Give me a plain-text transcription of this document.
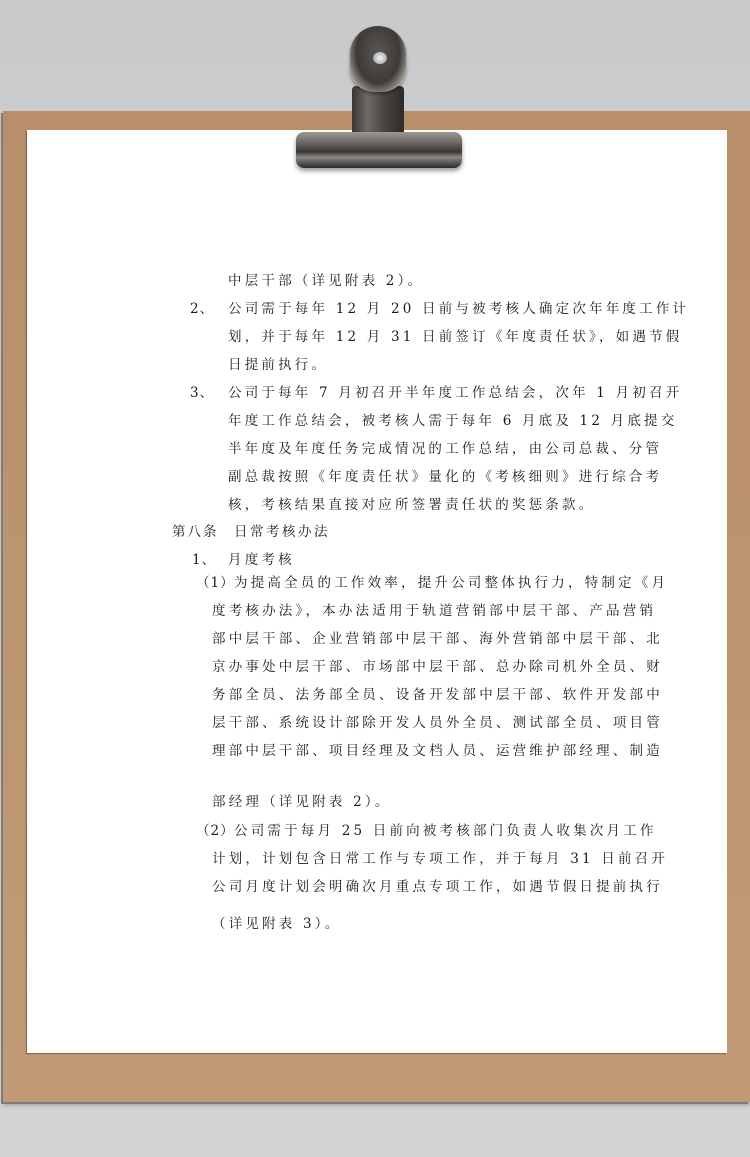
中层干部（详见附表 2）。
2、 公司需于每年 12 月 20 日前与被考核人确定次年年度工作计
划，并于每年 12 月 31 日前签订《年度责任状》，如遇节假
日提前执行。
3、 公司于每年 7 月初召开半年度工作总结会，次年 1 月初召开
年度工作总结会，被考核人需于每年 6 月底及 12 月底提交
半年度及年度任务完成情况的工作总结，由公司总裁、分管
副总裁按照《年度责任状》量化的《考核细则》进行综合考
核，考核结果直接对应所签署责任状的奖惩条款。
第八条 日常考核办法
1、 月度考核
（1） 为提高全员的工作效率，提升公司整体执行力，特制定《月
度考核办法》，本办法适用于轨道营销部中层干部、产品营销
部中层干部、企业营销部中层干部、海外营销部中层干部、北
京办事处中层干部、市场部中层干部、总办除司机外全员、财
务部全员、法务部全员、设备开发部中层干部、软件开发部中
层干部、系统设计部除开发人员外全员、测试部全员、项目管
理部中层干部、项目经理及文档人员、运营维护部经理、制造
部经理（详见附表 2）。
（2） 公司需于每月 25 日前向被考核部门负责人收集次月工作
计划，计划包含日常工作与专项工作，并于每月 31 日前召开
公司月度计划会明确次月重点专项工作，如遇节假日提前执行
（详见附表 3）。
